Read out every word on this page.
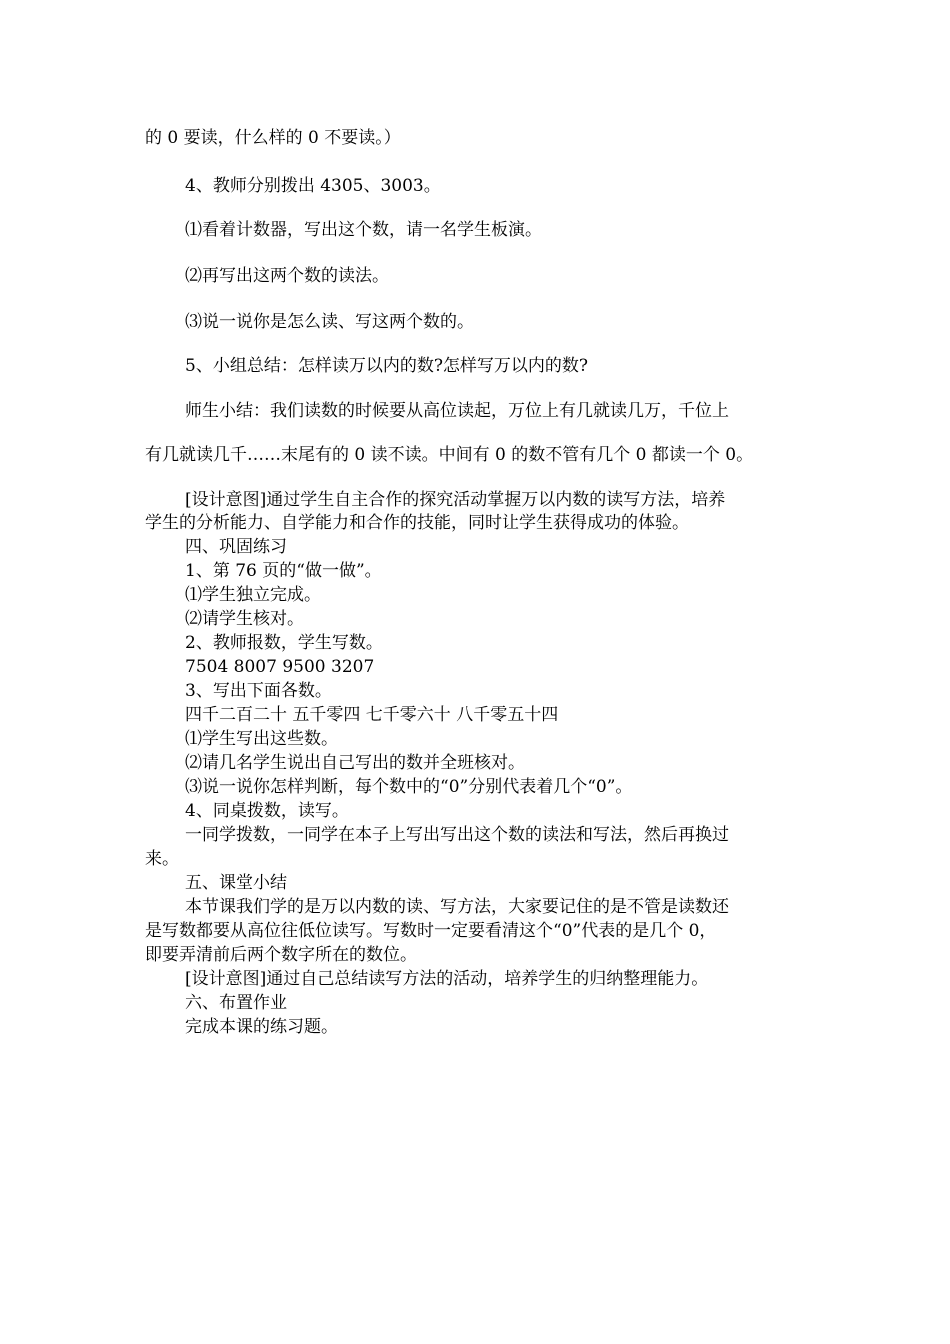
的 0 要读，什么样的 0 不要读。）

4、教师分别拨出 4305、3003。

⑴看着计数器，写出这个数，请一名学生板演。

⑵再写出这两个数的读法。

⑶说一说你是怎么读、写这两个数的。

5、小组总结：怎样读万以内的数?怎样写万以内的数?

师生小结：我们读数的时候要从高位读起，万位上有几就读几万，千位上

有几就读几千……末尾有的 0 读不读。中间有 0 的数不管有几个 0 都读一个 0。

[设计意图]通过学生自主合作的探究活动掌握万以内数的读写方法，培养

学生的分析能力、自学能力和合作的技能，同时让学生获得成功的体验。

四、巩固练习

1、第 76 页的“做一做”。

⑴学生独立完成。

⑵请学生核对。

2、教师报数，学生写数。

7504 8007 9500 3207

3、写出下面各数。

四千二百二十 五千零四 七千零六十 八千零五十四

⑴学生写出这些数。

⑵请几名学生说出自己写出的数并全班核对。

⑶说一说你怎样判断，每个数中的“0”分别代表着几个“0”。

4、同桌拨数，读写。

一同学拨数，一同学在本子上写出写出这个数的读法和写法，然后再换过

来。

五、课堂小结

本节课我们学的是万以内数的读、写方法，大家要记住的是不管是读数还

是写数都要从高位往低位读写。写数时一定要看清这个“0”代表的是几个 0，

即要弄清前后两个数字所在的数位。

[设计意图]通过自己总结读写方法的活动，培养学生的归纳整理能力。

六、布置作业

完成本课的练习题。
